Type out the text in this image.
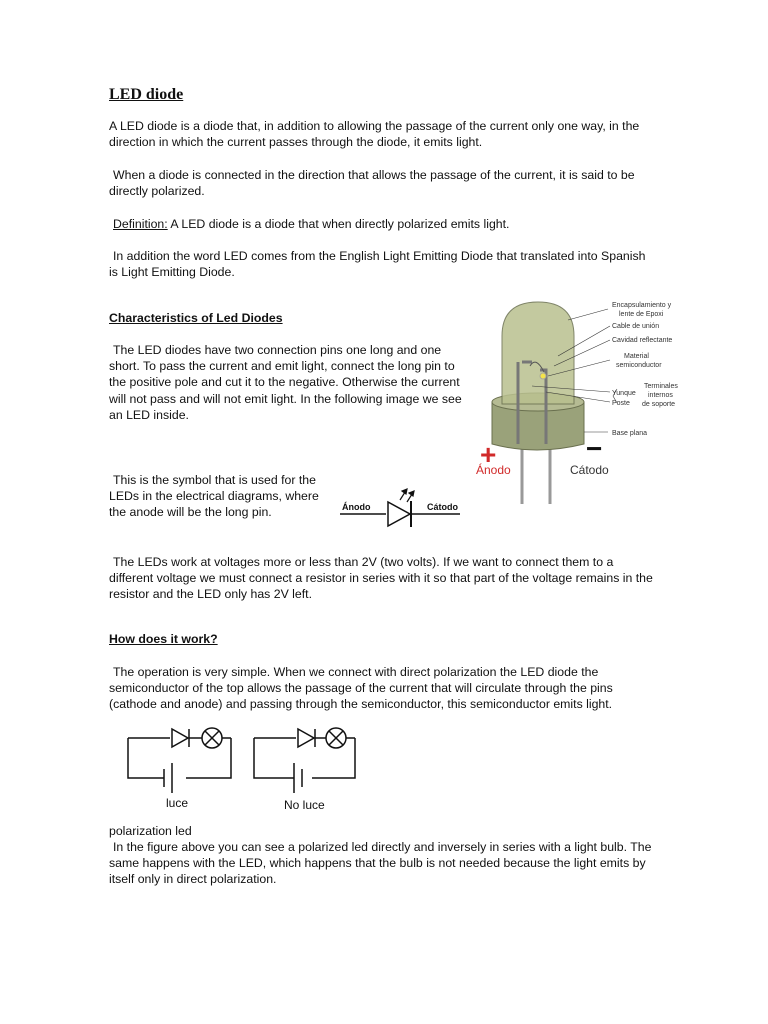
LED diode

A LED diode is a diode that, in addition to allowing the passage of the current only one way, in the direction in which the current passes through the diode, it emits light.

When a diode is connected in the direction that allows the passage of the current, it is said to be directly polarized.

Definition: A LED diode is a diode that when directly polarized emits light.

In addition the word LED comes from the English Light Emitting Diode that translated into Spanish is Light Emitting Diode.

Characteristics of Led Diodes

The LED diodes have two connection pins one long and one short. To pass the current and emit light, connect the long pin to the positive pole and cut it to the negative. Otherwise the current will not pass and will not emit light. In the following image we see an LED inside.

Encapsulamiento y
lente de Epoxi
Cable de unión
Cavidad reflectante
Material
semiconductor
Yunque
Poste
Terminales
internos
de soporte
Base plana
+	−
Ánodo	Cátodo

This is the symbol that is used for the LEDs in the electrical diagrams, where the anode will be the long pin.	Ánodo	Cátodo

The LEDs work at voltages more or less than 2V (two volts). If we want to connect them to a different voltage we must connect a resistor in series with it so that part of the voltage remains in the resistor and the LED only has 2V left.

How does it work?

The operation is very simple. When we connect with direct polarization the LED diode the semiconductor of the top allows the passage of the current that will circulate through the pins (cathode and anode) and passing through the semiconductor, this semiconductor emits light.

luce	No luce

polarization led

In the figure above you can see a polarized led directly and inversely in series with a light bulb. The same happens with the LED, which happens that the bulb is not needed because the light emits by itself only in direct polarization.
